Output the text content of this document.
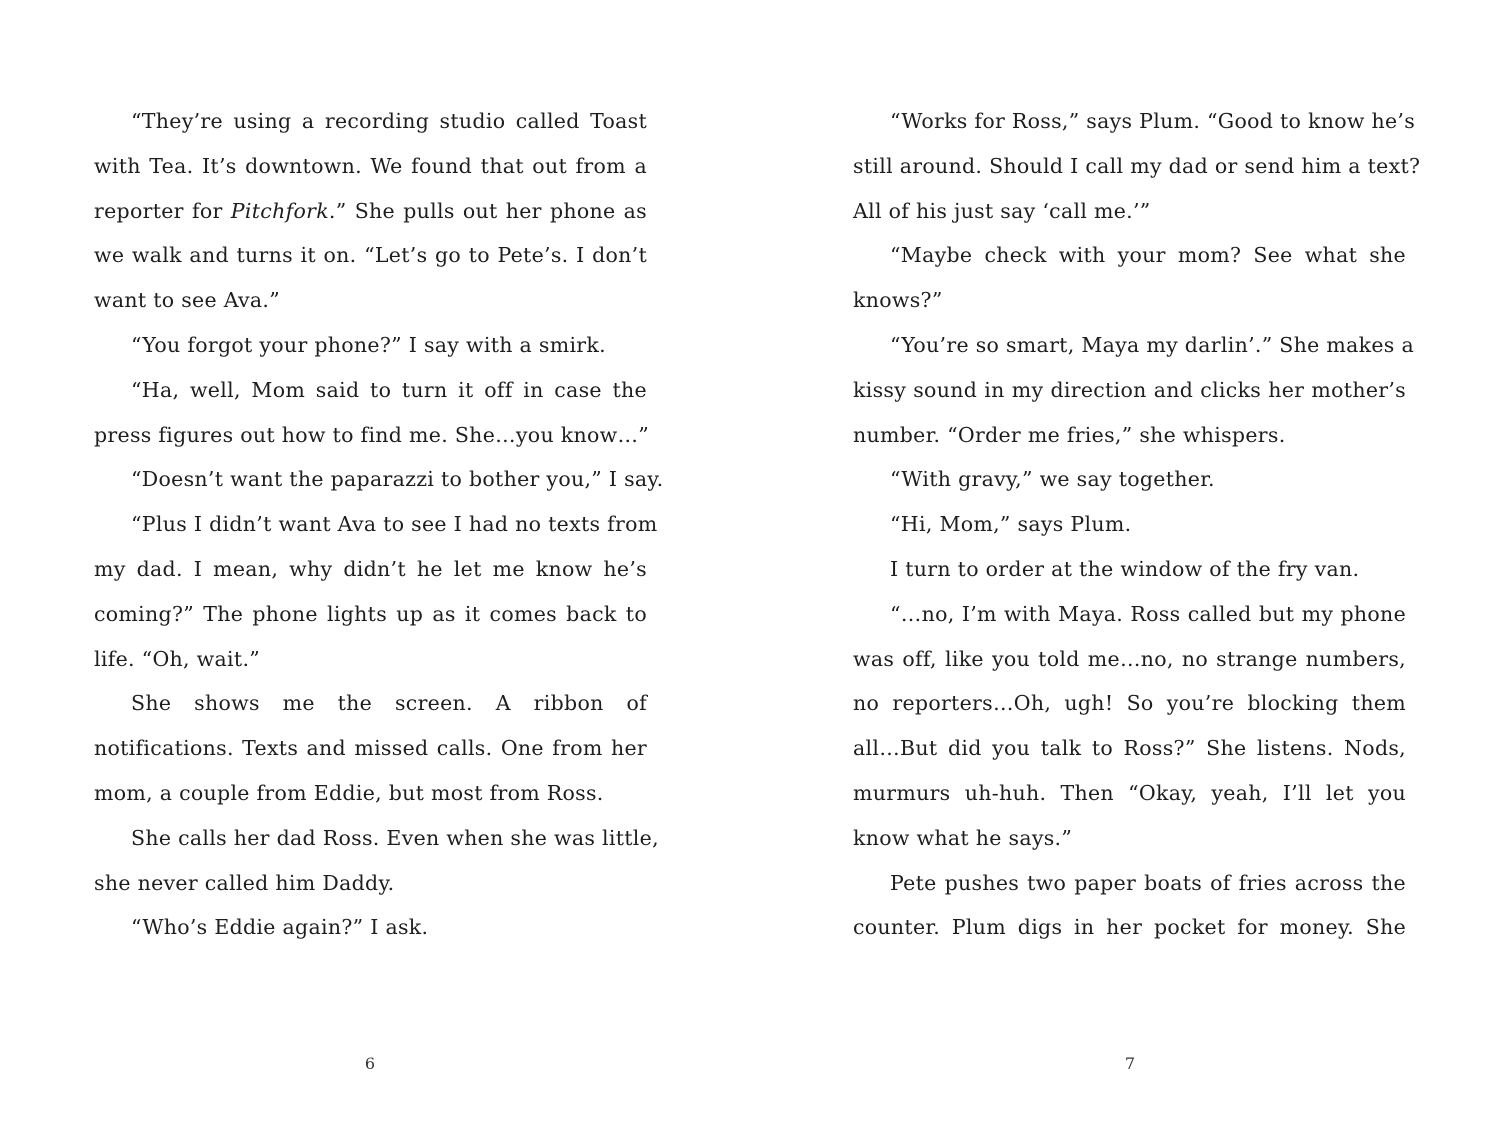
“They’re using a recording studio called Toast
with Tea. It’s downtown. We found that out from a
reporter for Pitchfork.” She pulls out her phone as
we walk and turns it on. “Let’s go to Pete’s. I don’t
want to see Ava.”
“You forgot your phone?” I say with a smirk.
“Ha, well, Mom said to turn it off in case the
press figures out how to find me. She…you know…”
“Doesn’t want the paparazzi to bother you,” I say.
“Plus I didn’t want Ava to see I had no texts from
my dad. I mean, why didn’t he let me know he’s
coming?” The phone lights up as it comes back to
life. “Oh, wait.”
She shows me the screen. A ribbon of
notifications. Texts and missed calls. One from her
mom, a couple from Eddie, but most from Ross.
She calls her dad Ross. Even when she was little,
she never called him Daddy.
“Who’s Eddie again?” I ask.
6
“Works for Ross,” says Plum. “Good to know he’s
still around. Should I call my dad or send him a text?
All of his just say ‘call me.’”
“Maybe check with your mom? See what she
knows?”
“You’re so smart, Maya my darlin’.” She makes a
kissy sound in my direction and clicks her mother’s
number. “Order me fries,” she whispers.
“With gravy,” we say together.
“Hi, Mom,” says Plum.
I turn to order at the window of the fry van.
“…no, I’m with Maya. Ross called but my phone
was off, like you told me…no, no strange numbers,
no reporters…Oh, ugh! So you’re blocking them
all…But did you talk to Ross?” She listens. Nods,
murmurs uh-huh. Then “Okay, yeah, I’ll let you
know what he says.”
Pete pushes two paper boats of fries across the
counter. Plum digs in her pocket for money. She
7
